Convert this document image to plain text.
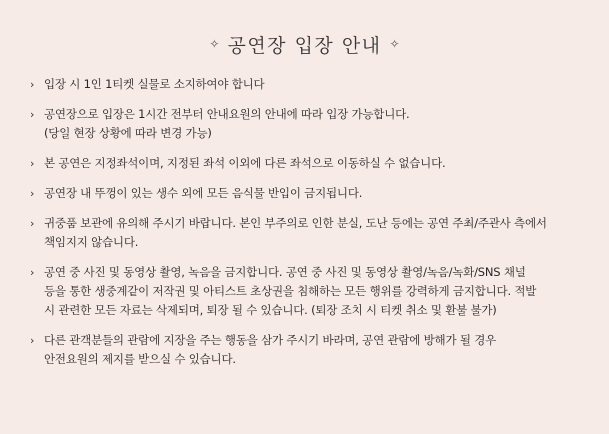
✧ 공연장 입장 안내 ✧
› 입장 시 1인 1티켓 실물로 소지하여야 합니다
› 공연장으로 입장은 1시간 전부터 안내요원의 안내에 따라 입장 가능합니다.
(당일 현장 상황에 따라 변경 가능)
› 본 공연은 지정좌석이며, 지정된 좌석 이외에 다른 좌석으로 이동하실 수 없습니다.
› 공연장 내 뚜껑이 있는 생수 외에 모든 음식물 반입이 금지됩니다.
› 귀중품 보관에 유의해 주시기 바랍니다. 본인 부주의로 인한 분실, 도난 등에는 공연 주최/주관사 측에서
책임지지 않습니다.
› 공연 중 사진 및 동영상 촬영, 녹음을 금지합니다. 공연 중 사진 및 동영상 촬영/녹음/녹화/SNS 채널
등을 통한 생중계같이 저작권 및 아티스트 초상권을 침해하는 모든 행위를 강력하게 금지합니다. 적발
시 관련한 모든 자료는 삭제되며, 퇴장 될 수 있습니다. (퇴장 조치 시 티켓 취소 및 환불 불가)
› 다른 관객분들의 관람에 지장을 주는 행동을 삼가 주시기 바라며, 공연 관람에 방해가 될 경우
안전요원의 제지를 받으실 수 있습니다.
